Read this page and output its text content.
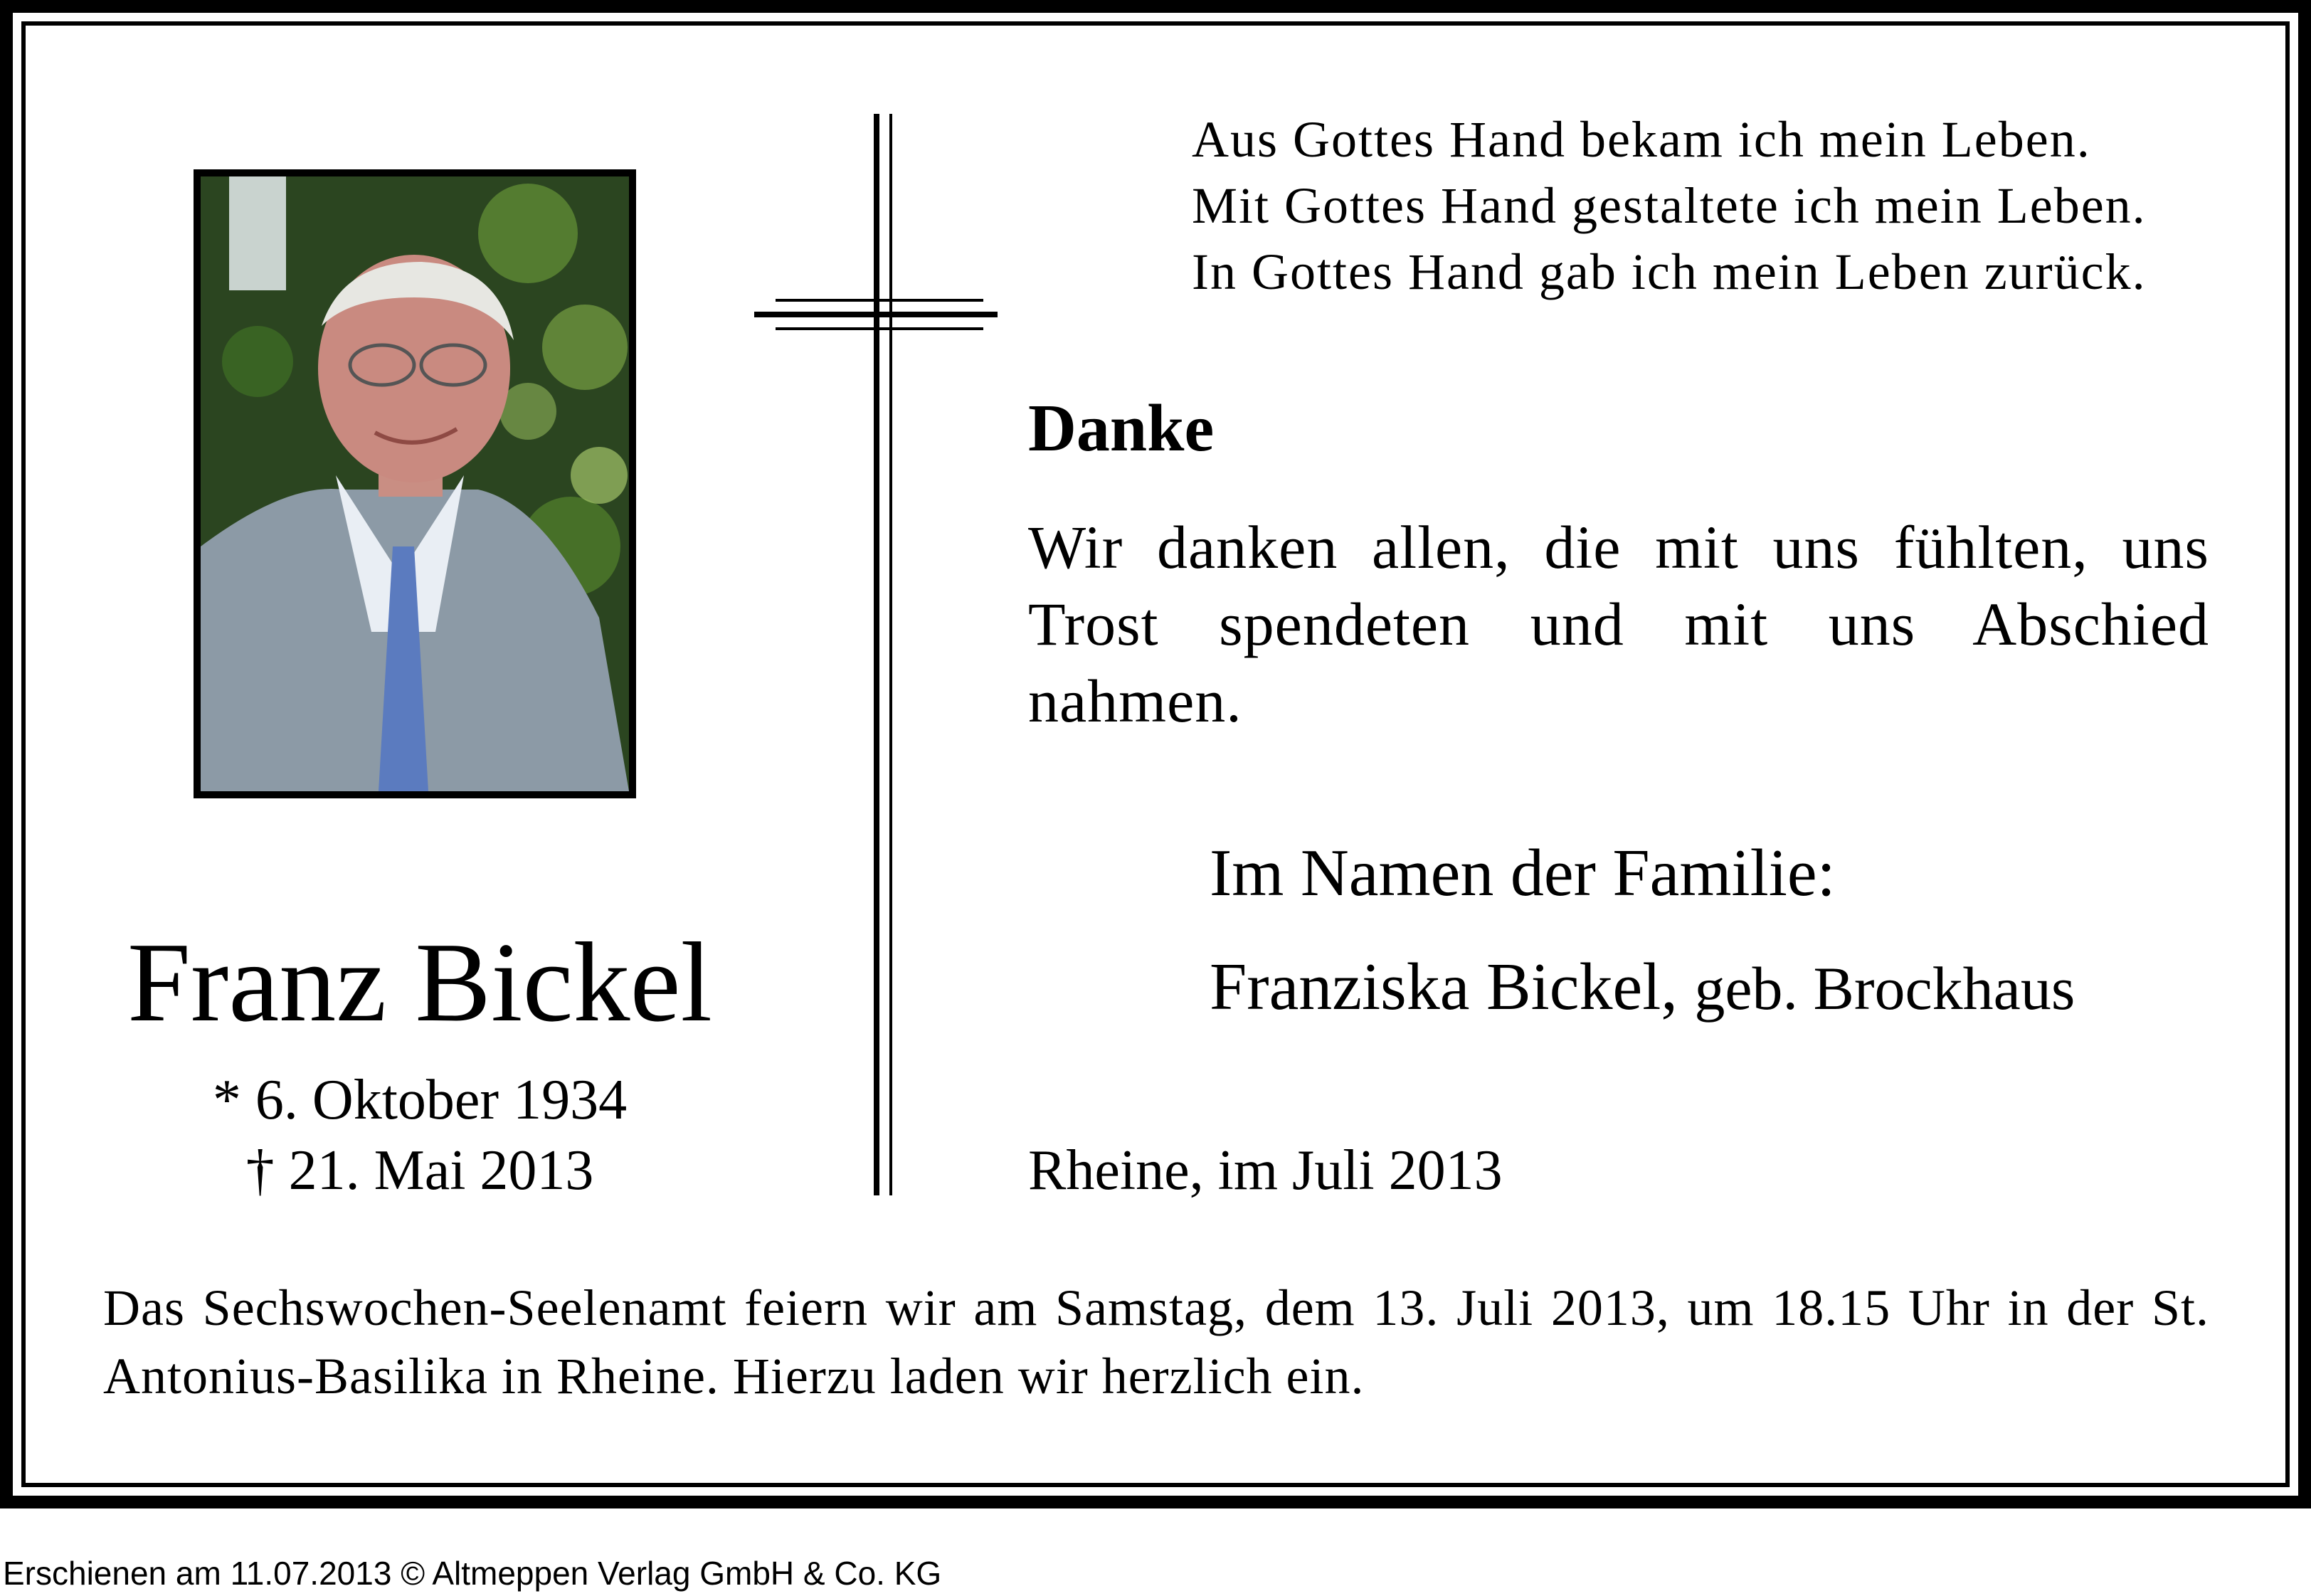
Franz Bickel
* 6. Oktober 1934
† 21. Mai 2013
Aus Gottes Hand bekam ich mein Leben.
Mit Gottes Hand gestaltete ich mein Leben.
In Gottes Hand gab ich mein Leben zurück.
Danke
Wir danken allen, die mit uns fühlten, uns Trost spendeten und mit uns Abschied nahmen.
Im Namen der Familie:
Franziska Bickel, geb. Brockhaus
Rheine, im Juli 2013
Das Sechswochen-Seelenamt feiern wir am Samstag, dem 13. Juli 2013, um 18.15 Uhr in der St. Antonius-Basilika in Rheine. Hierzu laden wir herzlich ein.
Erschienen am 11.07.2013 © Altmeppen Verlag GmbH & Co. KG
